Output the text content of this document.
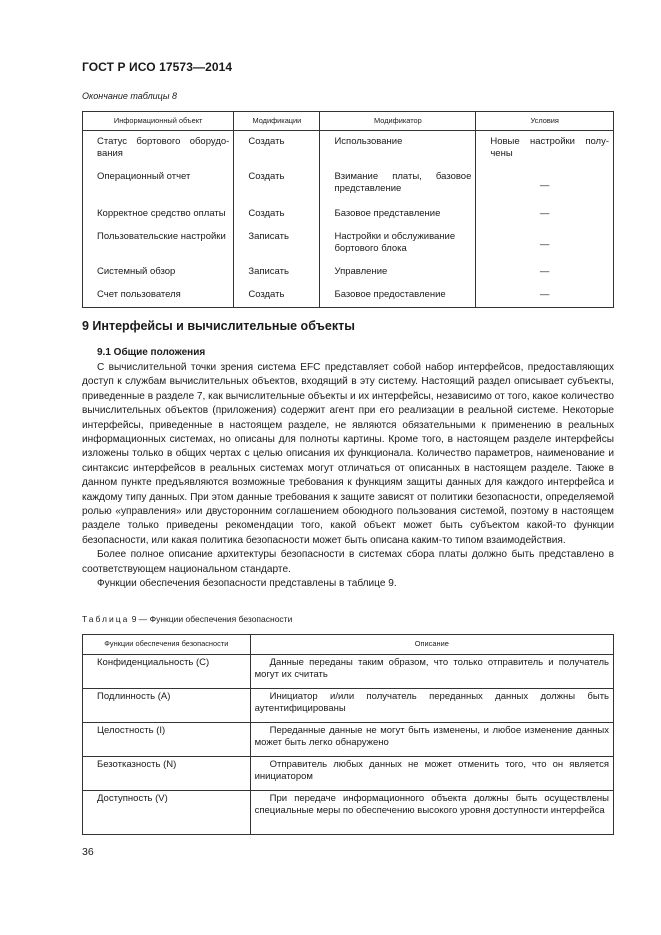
ГОСТ Р ИСО 17573—2014
Окончание таблицы 8
Информационный объект	Модификации	Модификатор	Условия
Статус бортового оборудо- вания	Создать	Использование	Новые настройки полу- чены
Операционный отчет	Создать	Взимание платы, базовое представление	—
Корректное средство оплаты	Создать	Базовое представление	—
Пользовательские настройки	Записать	Настройки и обслуживание бортового блока	—
Системный обзор	Записать	Управление	—
Счет пользователя	Создать	Базовое предоставление	—
9 Интерфейсы и вычислительные объекты
9.1 Общие положения

С вычислительной точки зрения система EFC представляет собой набор интерфейсов, предоставляющих доступ к службам вычислительных объектов, входящий в эту систему. Настоящий раздел описывает субъекты, приведенные в разделе 7, как вычислительные объекты и их интерфейсы, независимо от того, какое количество вычислительных объектов (приложения) содержит агент при его реализации в реальной системе. Некоторые интерфейсы, приведенные в настоящем разделе, не являются обязательными к применению в реальных информационных системах, но описаны для полноты картины. Кроме того, в настоящем разделе интерфейсы изложены только в общих чертах с целью описания их функционала. Количество параметров, наименование и синтаксис интерфейсов в реальных системах могут отличаться от описанных в настоящем разделе. Также в данном пункте предъявляются возможные требования к функциям защиты данных для каждого интерфейса и каждому типу данных. При этом данные требования к защите зависят от политики безопасности, определяемой ролью «управления» или двусторонним соглашением обоюдного пользования системой, поэтому в настоящем разделе только приведены рекомендации того, какой объект может быть субъектом какой-то функции безопасности, или какая политика безопасности может быть описана каким-то типом взаимодействия.

Более полное описание архитектуры безопасности в системах сбора платы должно быть представлено в соответствующем национальном стандарте.

Функции обеспечения безопасности представлены в таблице 9.

Таблица 9 — Функции обеспечения безопасности
Функции обеспечения безопасности	Описание
Конфиденциальность (С)	Данные переданы таким образом, что только отправитель и получатель могут их считать
Подлинность (А)	Инициатор и/или получатель переданных данных должны быть аутентифицированы
Целостность (I)	Переданные данные не могут быть изменены, и любое изменение данных может быть легко обнаружено
Безотказность (N)	Отправитель любых данных не может отменить того, что он является инициатором
Доступность (V)	При передаче информационного объекта должны быть осуществлены специальные меры по обеспечению высокого уровня доступности интерфейса
36
